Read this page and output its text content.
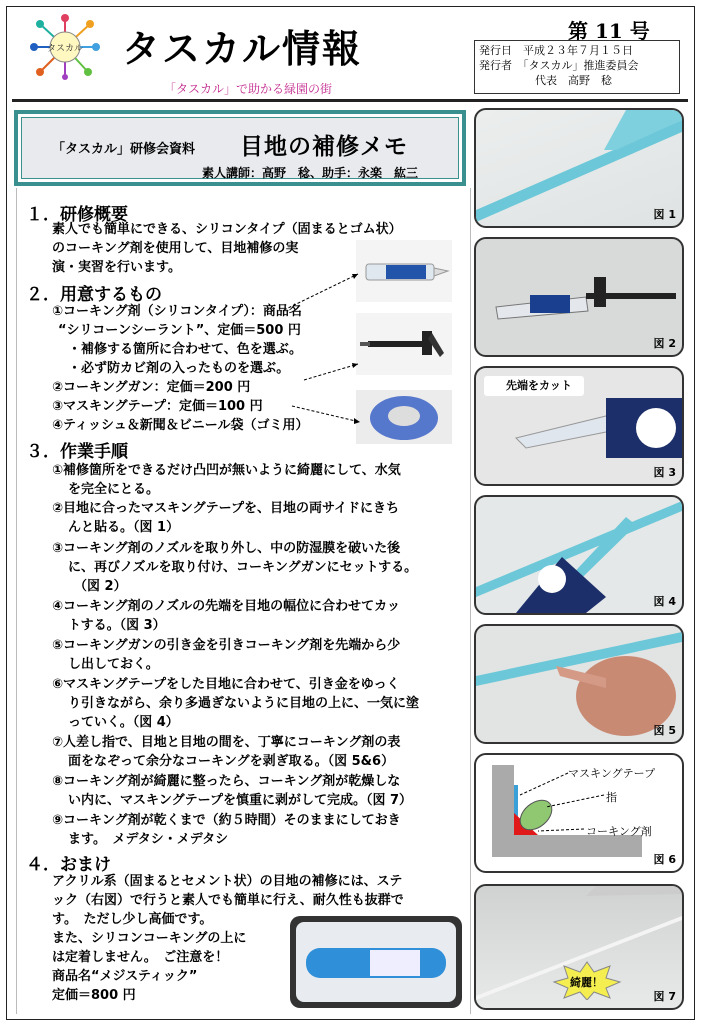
タスカル タスカル情報
「タスカル」で助かる緑園の街
第 11 号
発行日　平成２３年７月１５日
発行者　「タスカル」推進委員会
代表　高野　稔
「タスカル」研修会資料 目地の補修メモ
素人講師：高野　稔、助手：永楽　紘三
１．研修概要
素人でも簡単にできる、シリコンタイプ（固まるとゴム状）
のコーキング剤を使用して、目地補修の実
演・実習を行います。
２．用意するもの
①コーキング剤（シリコンタイプ）：商品名
“シリコーンシーラント”、定価＝500 円
・補修する箇所に合わせて、色を選ぶ。
・必ず防カビ剤の入ったものを選ぶ。
②コーキングガン：定価＝200 円
③マスキングテープ：定価＝100 円
④ティッシュ＆新聞＆ビニール袋（ゴミ用）
３．作業手順
①補修箇所をできるだけ凸凹が無いように綺麗にして、水気
を完全にとる。
②目地に合ったマスキングテープを、目地の両サイドにきち
んと貼る。（図 1）
③コーキング剤のノズルを取り外し、中の防湿膜を破いた後
に、再びノズルを取り付け、コーキングガンにセットする。
（図 2）
④コーキング剤のノズルの先端を目地の幅位に合わせてカッ
トする。（図 3）
⑤コーキングガンの引き金を引きコーキング剤を先端から少
し出しておく。
⑥マスキングテープをした目地に合わせて、引き金をゆっく
り引きながら、余り多過ぎないように目地の上に、一気に塗
っていく。（図 4）
⑦人差し指で、目地と目地の間を、丁寧にコーキング剤の表
面をなぞって余分なコーキングを剥ぎ取る。（図 5&6）
⑧コーキング剤が綺麗に整ったら、コーキング剤が乾燥しな
い内に、マスキングテープを慎重に剥がして完成。（図 7）
⑨コーキング剤が乾くまで（約５時間）そのままにしておき
ます。　メデタシ・メデタシ
４．おまけ
アクリル系（固まるとセメント状）の目地の補修には、ステ
ック（右図）で行うと素人でも簡単に行え、耐久性も抜群で
す。　ただし少し高価です。
また、シリコンコーキングの上に
は定着しません。　ご注意を！
商品名“メジスティック”
定価＝800 円
図 1
図 2
先端をカット
図 3
図 4
図 5
マスキングテープ
指
コーキング剤
図 6
綺麗！
図 7
